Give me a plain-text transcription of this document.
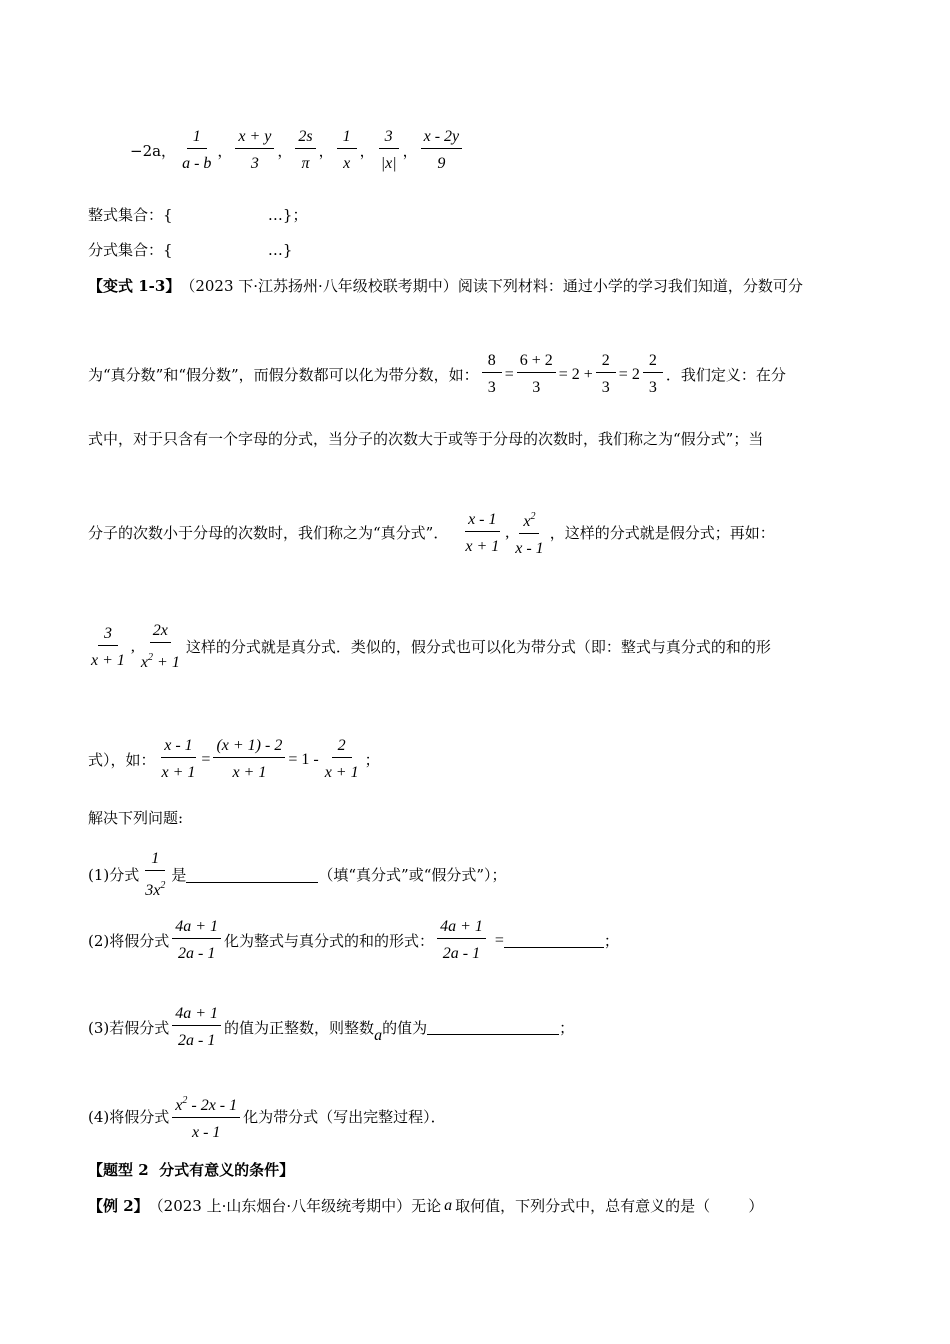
−2a， $\frac{1}{a - b}$ ， $\frac{x + y}{3}$ ， $\frac{2s}{\pi}$ ， $\frac{1}{x}$ ， $\frac{3}{|x|}$ ， $\frac{x - 2y}{9}$
整式集合：{                    …}；
分式集合：{                    …}
【变式 1-3】 （2023 下·江苏扬州·八年级校联考期中） 阅读下列材料：通过小学的学习我们知道，分数可分
为“真分数”和“假分数”，而假分数都可以化为带分数，如： $\frac{8}{3} = \frac{6 + 2}{3} = 2 + \frac{2}{3} = 2 \frac{2}{3}$ ．我们定义：在分
式中，对于只含有一个字母的分式，当分子的次数大于或等于分母的次数时，我们称之为“假分式”；当
分子的次数小于分母的次数时，我们称之为“真分式”． $\frac{x - 1}{x + 1}$ , $\frac{x^2}{x - 1}$ ，这样的分式就是假分式；再如：
$\frac{3}{x + 1}$ , $\frac{2x}{x^2 + 1}$ 这样的分式就是真分式．类似的，假分式也可以化为带分式（即：整式与真分式的和的形
式），如： $\frac{x - 1}{x + 1} = \frac{(x + 1) - 2}{x + 1} = 1 - \frac{2}{x + 1}$ ；
解决下列问题:
(1)分式 $\frac{1}{3x^2}$ 是	（填“真分式”或“假分式”）；
(2)将假分式 $\frac{4a + 1}{2a - 1}$ 化为整式与真分式的和的形式： $\frac{4a + 1}{2a - 1}$ =	；
(3)若假分式 $\frac{4a + 1}{2a - 1}$ 的值为正整数，则整数 a 的值为	；
(4)将假分式 $\frac{x^2 - 2x - 1}{x - 1}$ 化为带分式（写出完整过程）．
【题型 2  分式有意义的条件】
【例 2】 （2023 上·山东烟台·八年级统考期中） 无论 a 取何值，下列分式中，总有意义的是（        ）
